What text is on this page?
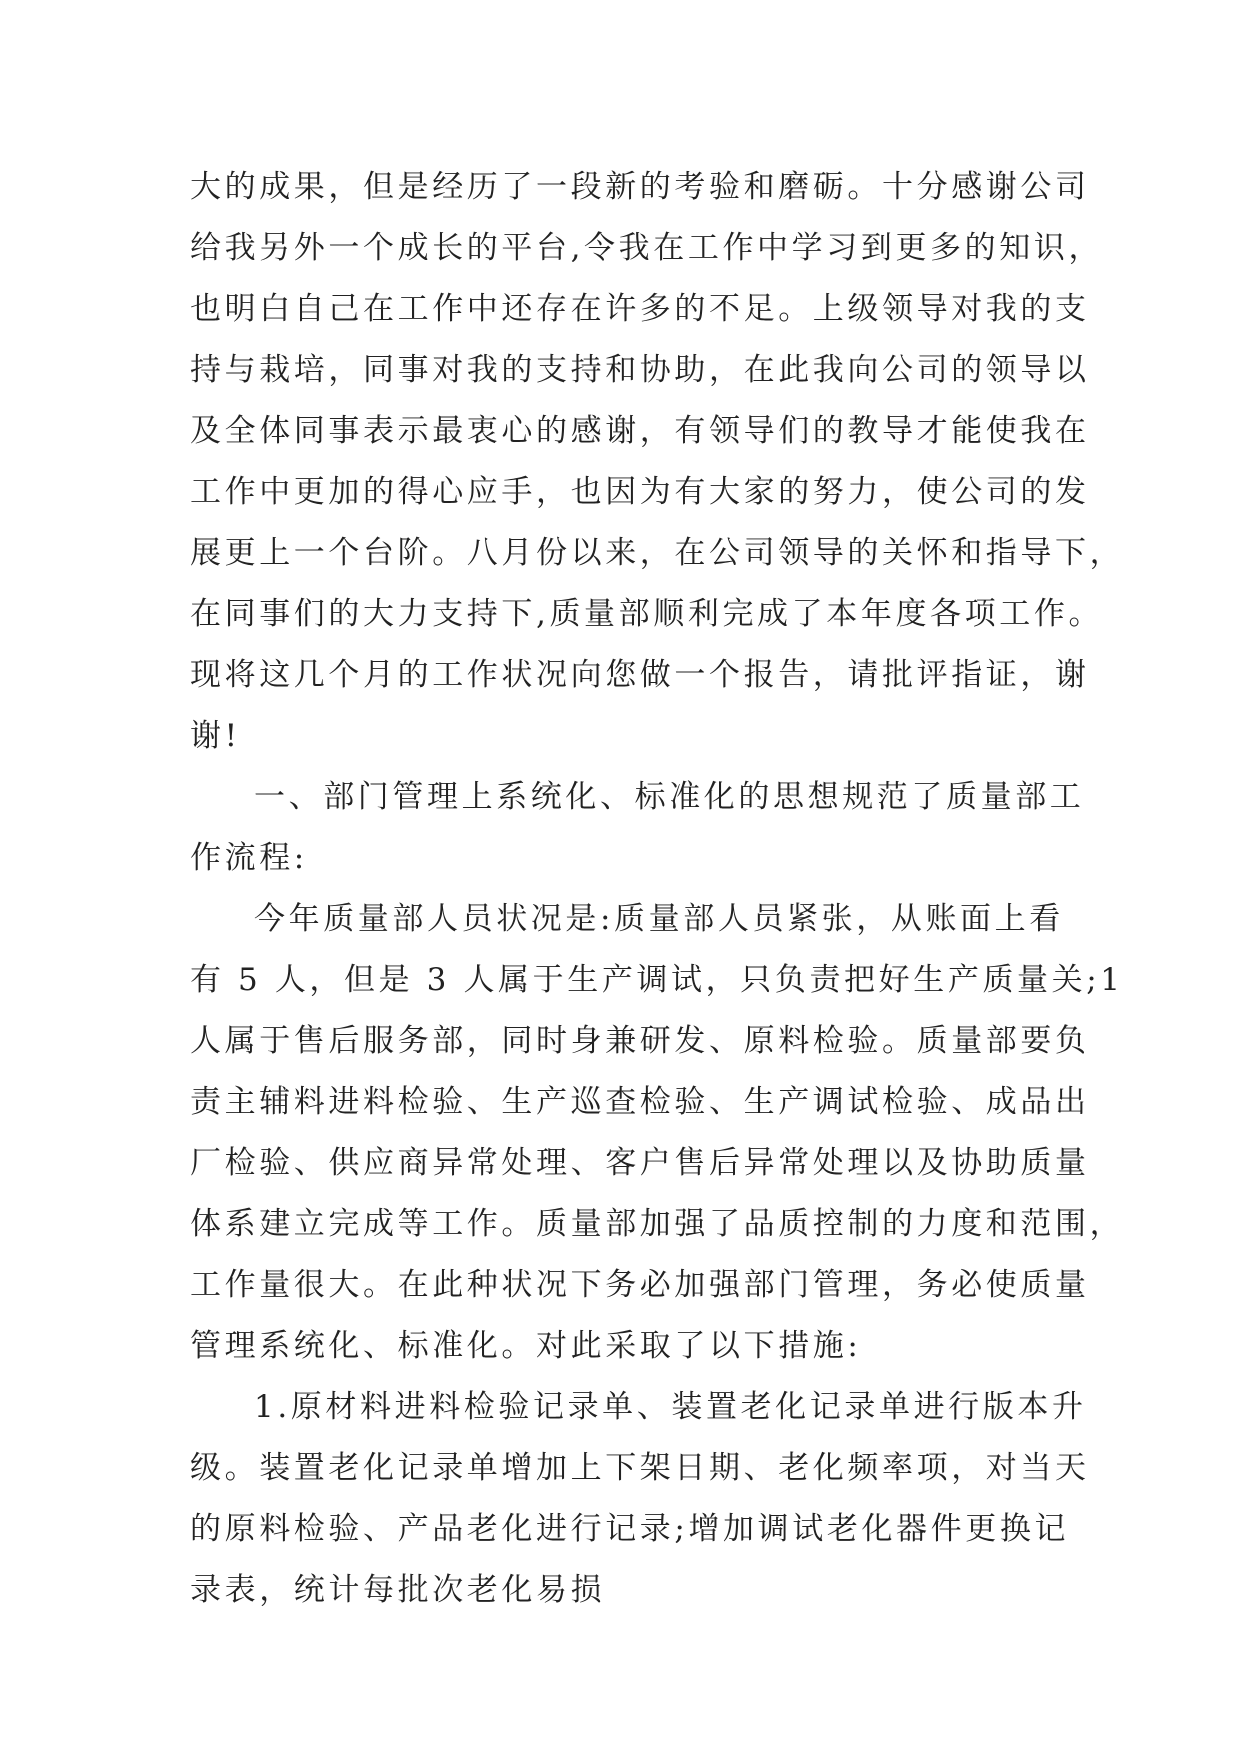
大的成果，但是经历了一段新的考验和磨砺。十分感谢公司

给我另外一个成长的平台,令我在工作中学习到更多的知识，

也明白自己在工作中还存在许多的不足。上级领导对我的支

持与栽培，同事对我的支持和协助，在此我向公司的领导以

及全体同事表示最衷心的感谢，有领导们的教导才能使我在

工作中更加的得心应手，也因为有大家的努力，使公司的发

展更上一个台阶。八月份以来，在公司领导的关怀和指导下，

在同事们的大力支持下,质量部顺利完成了本年度各项工作。

现将这几个月的工作状况向您做一个报告，请批评指证，谢

谢!

一、部门管理上系统化、标准化的思想规范了质量部工

作流程:

今年质量部人员状况是:质量部人员紧张，从账面上看

有 5 人，但是 3 人属于生产调试，只负责把好生产质量关;1

人属于售后服务部，同时身兼研发、原料检验。质量部要负

责主辅料进料检验、生产巡查检验、生产调试检验、成品出

厂检验、供应商异常处理、客户售后异常处理以及协助质量

体系建立完成等工作。质量部加强了品质控制的力度和范围，

工作量很大。在此种状况下务必加强部门管理，务必使质量

管理系统化、标准化。对此采取了以下措施:

1.原材料进料检验记录单、装置老化记录单进行版本升

级。装置老化记录单增加上下架日期、老化频率项，对当天

的原料检验、产品老化进行记录;增加调试老化器件更换记

录表，统计每批次老化易损
